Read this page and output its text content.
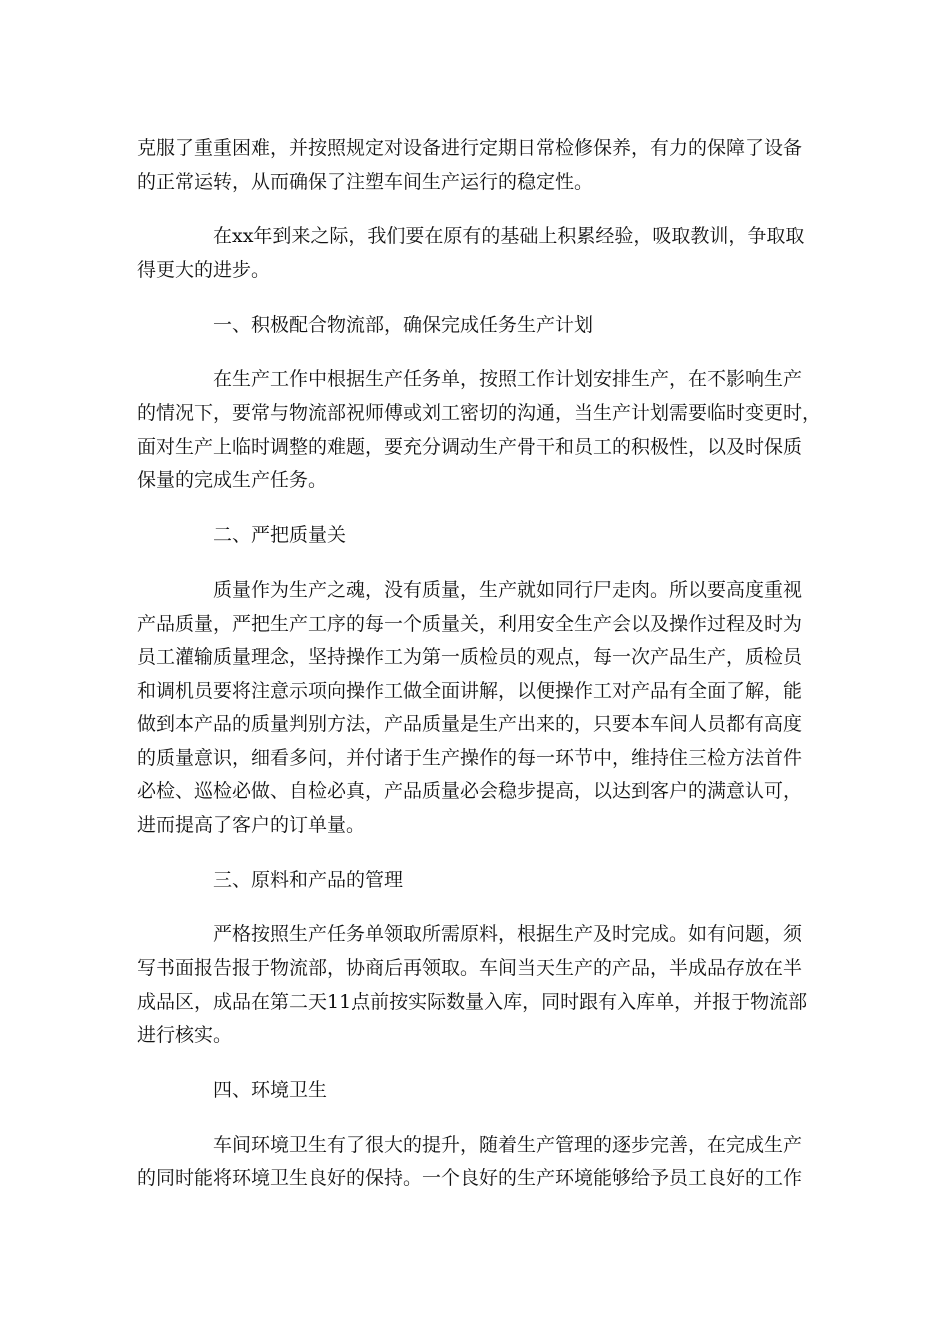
克服了重重困难，并按照规定对设备进行定期日常检修保养，有力的保障了设备

的正常运转，从而确保了注塑车间生产运行的稳定性。

在xx年到来之际，我们要在原有的基础上积累经验，吸取教训，争取取

得更大的进步。

一、积极配合物流部，确保完成任务生产计划

在生产工作中根据生产任务单，按照工作计划安排生产，在不影响生产

的情况下，要常与物流部祝师傅或刘工密切的沟通，当生产计划需要临时变更时，

面对生产上临时调整的难题，要充分调动生产骨干和员工的积极性，以及时保质

保量的完成生产任务。

二、严把质量关

质量作为生产之魂，没有质量，生产就如同行尸走肉。所以要高度重视

产品质量，严把生产工序的每一个质量关，利用安全生产会以及操作过程及时为

员工灌输质量理念，坚持操作工为第一质检员的观点，每一次产品生产，质检员

和调机员要将注意示项向操作工做全面讲解，以便操作工对产品有全面了解，能

做到本产品的质量判别方法，产品质量是生产出来的，只要本车间人员都有高度

的质量意识，细看多问，并付诸于生产操作的每一环节中，维持住三检方法首件

必检、巡检必做、自检必真，产品质量必会稳步提高，以达到客户的满意认可，

进而提高了客户的订单量。

三、原料和产品的管理

严格按照生产任务单领取所需原料，根据生产及时完成。如有问题，须

写书面报告报于物流部，协商后再领取。车间当天生产的产品，半成品存放在半

成品区，成品在第二天11点前按实际数量入库，同时跟有入库单，并报于物流部

进行核实。

四、环境卫生

车间环境卫生有了很大的提升，随着生产管理的逐步完善，在完成生产

的同时能将环境卫生良好的保持。一个良好的生产环境能够给予员工良好的工作
